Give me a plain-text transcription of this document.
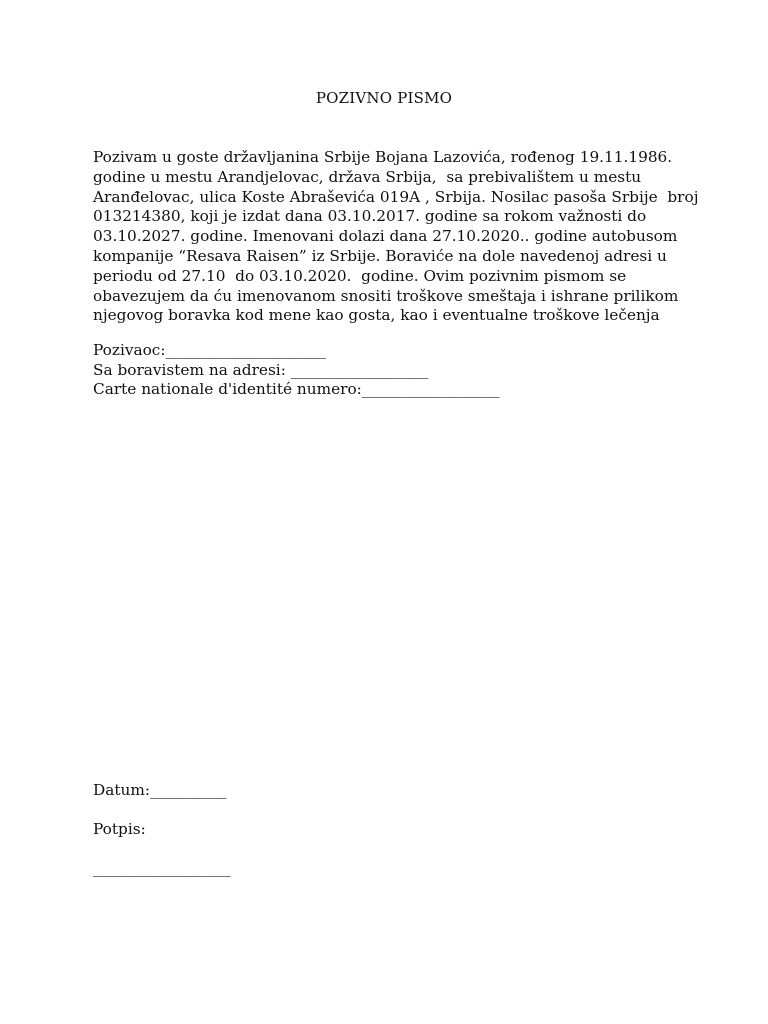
POZIVNO PISMO
Pozivam u goste državljanina Srbije Bojana Lazovića, rođenog 19.11.1986.
godine u mestu Arandjelovac, država Srbija,  sa prebivalištem u mestu
Aranđelovac, ulica Koste Abraševića 019A , Srbija. Nosilac pasoša Srbije  broj
013214380, koji je izdat dana 03.10.2017. godine sa rokom važnosti do
03.10.2027. godine. Imenovani dolazi dana 27.10.2020.. godine autobusom
kompanije “Resava Raisen” iz Srbije. Boraviće na dole navedenoj adresi u
periodu od 27.10  do 03.10.2020.  godine. Ovim pozivnim pismom se
obavezujem da ću imenovanom snositi troškove smeštaja i ishrane prilikom
njegovog boravka kod mene kao gosta, kao i eventualne troškove lečenja
Pozivaoc:_____________________
Sa boravistem na adresi: __________________
Carte nationale d'identité numero:__________________
Datum:__________
Potpis:
__________________
